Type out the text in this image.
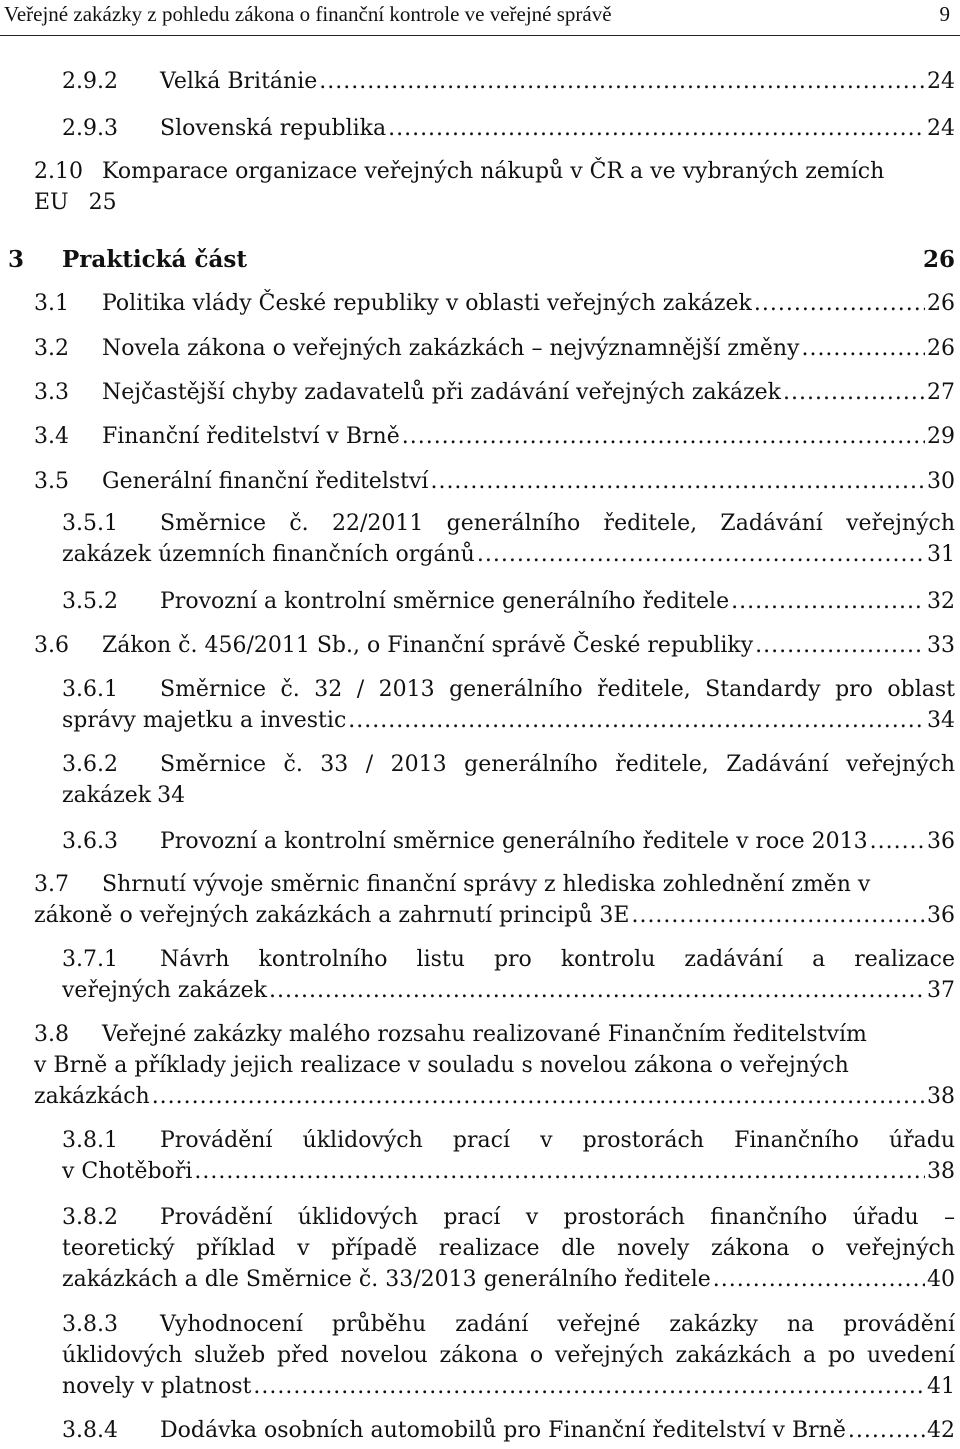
Veřejné zakázky z pohledu zákona o finanční kontrole ve veřejné správě	9
2.9.2 Velká Británie .....	24
2.9.3 Slovenská republika .....	24
2.10 Komparace organizace veřejných nákupů v ČR a ve vybraných zemích
EU 25
3 Praktická část	26
3.1 Politika vlády České republiky v oblasti veřejných zakázek .....	26
3.2 Novela zákona o veřejných zakázkách – nejvýznamnější změny .....	26
3.3 Nejčastější chyby zadavatelů při zadávání veřejných zakázek .....	27
3.4 Finanční ředitelství v Brně .....	29
3.5 Generální finanční ředitelství .....	30
3.5.1 Směrnice č. 22/2011 generálního ředitele, Zadávání veřejných
zakázek územních finančních orgánů .....	31
3.5.2 Provozní a kontrolní směrnice generálního ředitele .....	32
3.6 Zákon č. 456/2011 Sb., o Finanční správě České republiky .....	33
3.6.1 Směrnice č. 32 / 2013 generálního ředitele, Standardy pro oblast
správy majetku a investic .....	34
3.6.2 Směrnice č. 33 / 2013 generálního ředitele, Zadávání veřejných
zakázek 34
3.6.3 Provozní a kontrolní směrnice generálního ředitele v roce 2013 .....	36
3.7 Shrnutí vývoje směrnic finanční správy z hlediska zohlednění změn v
zákoně o veřejných zakázkách a zahrnutí principů 3E .....	36
3.7.1 Návrh kontrolního listu pro kontrolu zadávání a realizace
veřejných zakázek .....	37
3.8 Veřejné zakázky malého rozsahu realizované Finančním ředitelstvím
v Brně a příklady jejich realizace v souladu s novelou zákona o veřejných
zakázkách .....	38
3.8.1 Provádění úklidových prací v prostorách Finančního úřadu
v Chotěboři .....	38
3.8.2 Provádění úklidových prací v prostorách finančního úřadu –
teoretický příklad v případě realizace dle novely zákona o veřejných
zakázkách a dle Směrnice č. 33/2013 generálního ředitele .....	40
3.8.3 Vyhodnocení průběhu zadání veřejné zakázky na provádění
úklidových služeb před novelou zákona o veřejných zakázkách a po uvedení
novely v platnost .....	41
3.8.4 Dodávka osobních automobilů pro Finanční ředitelství v Brně .....	42
